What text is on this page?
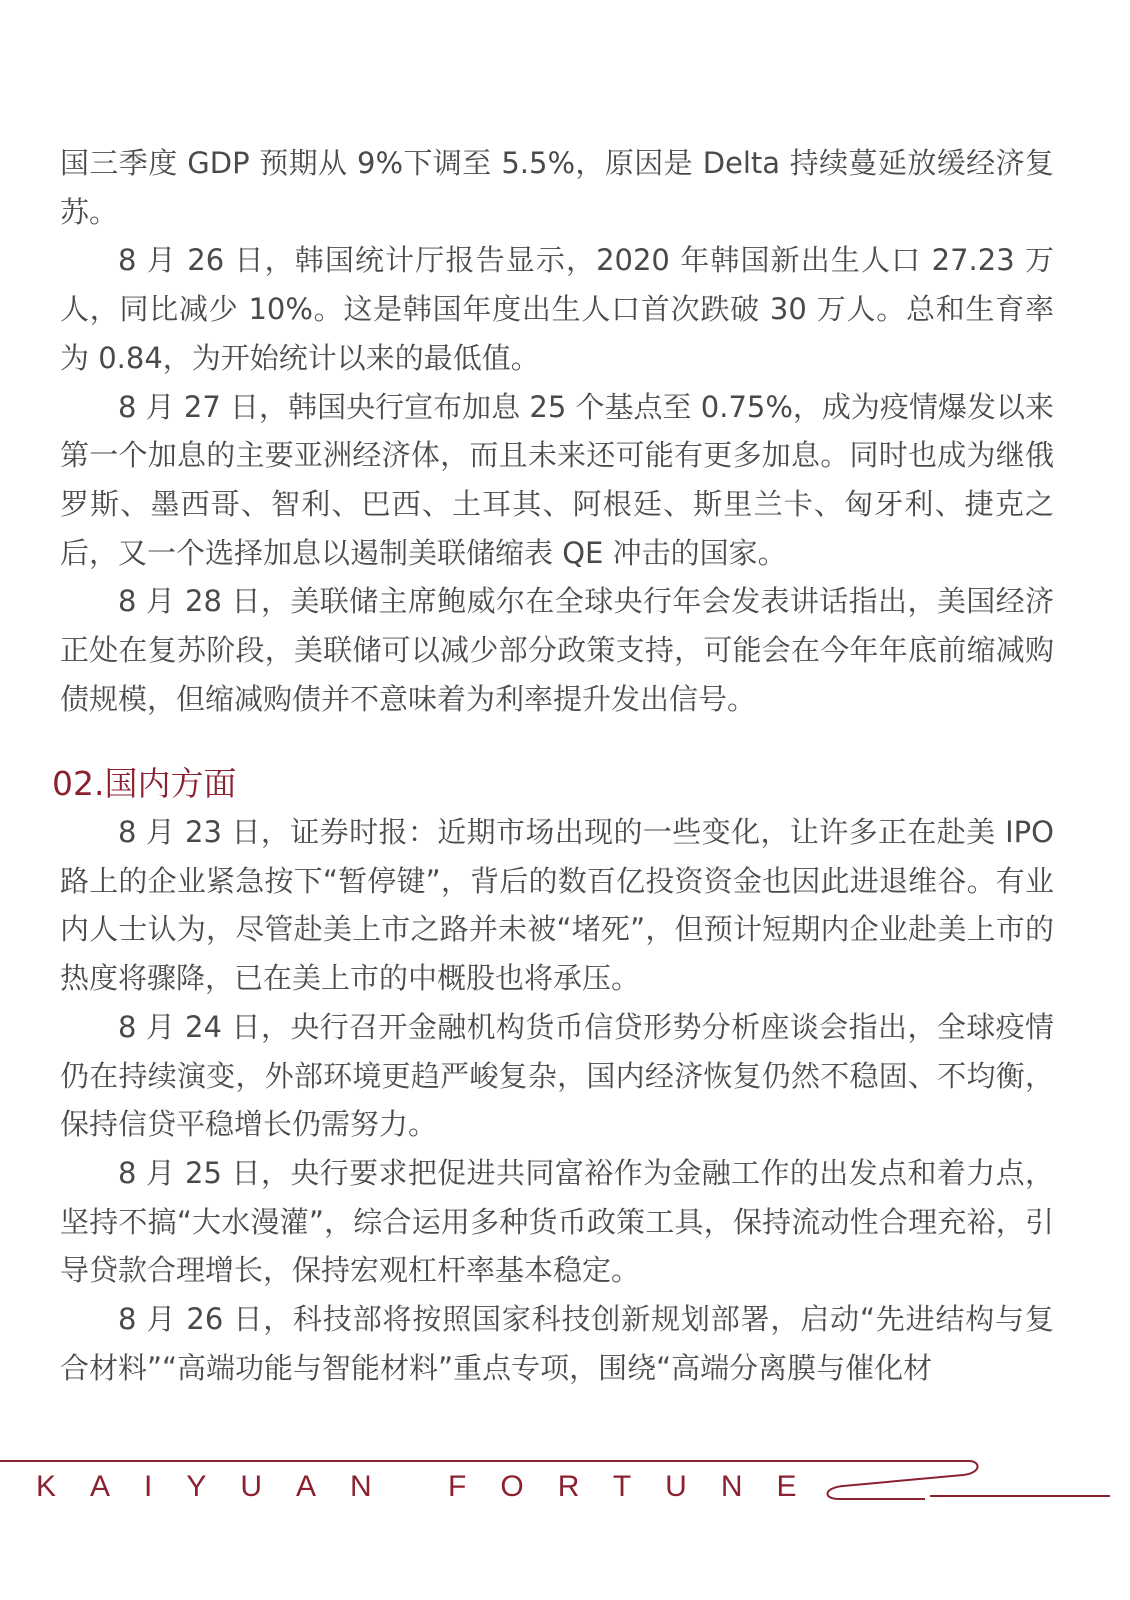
国三季度 GDP 预期从 9%下调至 5.5%，原因是 Delta 持续蔓延放缓经济复苏。

8 月 26 日，韩国统计厅报告显示，2020 年韩国新出生人口 27.23 万人，同比减少 10%。这是韩国年度出生人口首次跌破 30 万人。总和生育率为 0.84，为开始统计以来的最低值。

8 月 27 日，韩国央行宣布加息 25 个基点至 0.75%，成为疫情爆发以来第一个加息的主要亚洲经济体，而且未来还可能有更多加息。同时也成为继俄罗斯、墨西哥、智利、巴西、土耳其、阿根廷、斯里兰卡、匈牙利、捷克之后，又一个选择加息以遏制美联储缩表 QE 冲击的国家。

8 月 28 日，美联储主席鲍威尔在全球央行年会发表讲话指出，美国经济正处在复苏阶段，美联储可以减少部分政策支持，可能会在今年年底前缩减购债规模，但缩减购债并不意味着为利率提升发出信号。

02.国内方面

8 月 23 日，证券时报：近期市场出现的一些变化，让许多正在赴美 IPO 路上的企业紧急按下“暂停键”，背后的数百亿投资资金也因此进退维谷。有业内人士认为，尽管赴美上市之路并未被“堵死”，但预计短期内企业赴美上市的热度将骤降，已在美上市的中概股也将承压。

8 月 24 日，央行召开金融机构货币信贷形势分析座谈会指出，全球疫情仍在持续演变，外部环境更趋严峻复杂，国内经济恢复仍然不稳固、不均衡，保持信贷平稳增长仍需努力。

8 月 25 日，央行要求把促进共同富裕作为金融工作的出发点和着力点，坚持不搞“大水漫灌”，综合运用多种货币政策工具，保持流动性合理充裕，引导贷款合理增长，保持宏观杠杆率基本稳定。

8 月 26 日，科技部将按照国家科技创新规划部署，启动“先进结构与复合材料”“高端功能与智能材料”重点专项，围绕“高端分离膜与催化材

KAIYUAN FORTUNE
